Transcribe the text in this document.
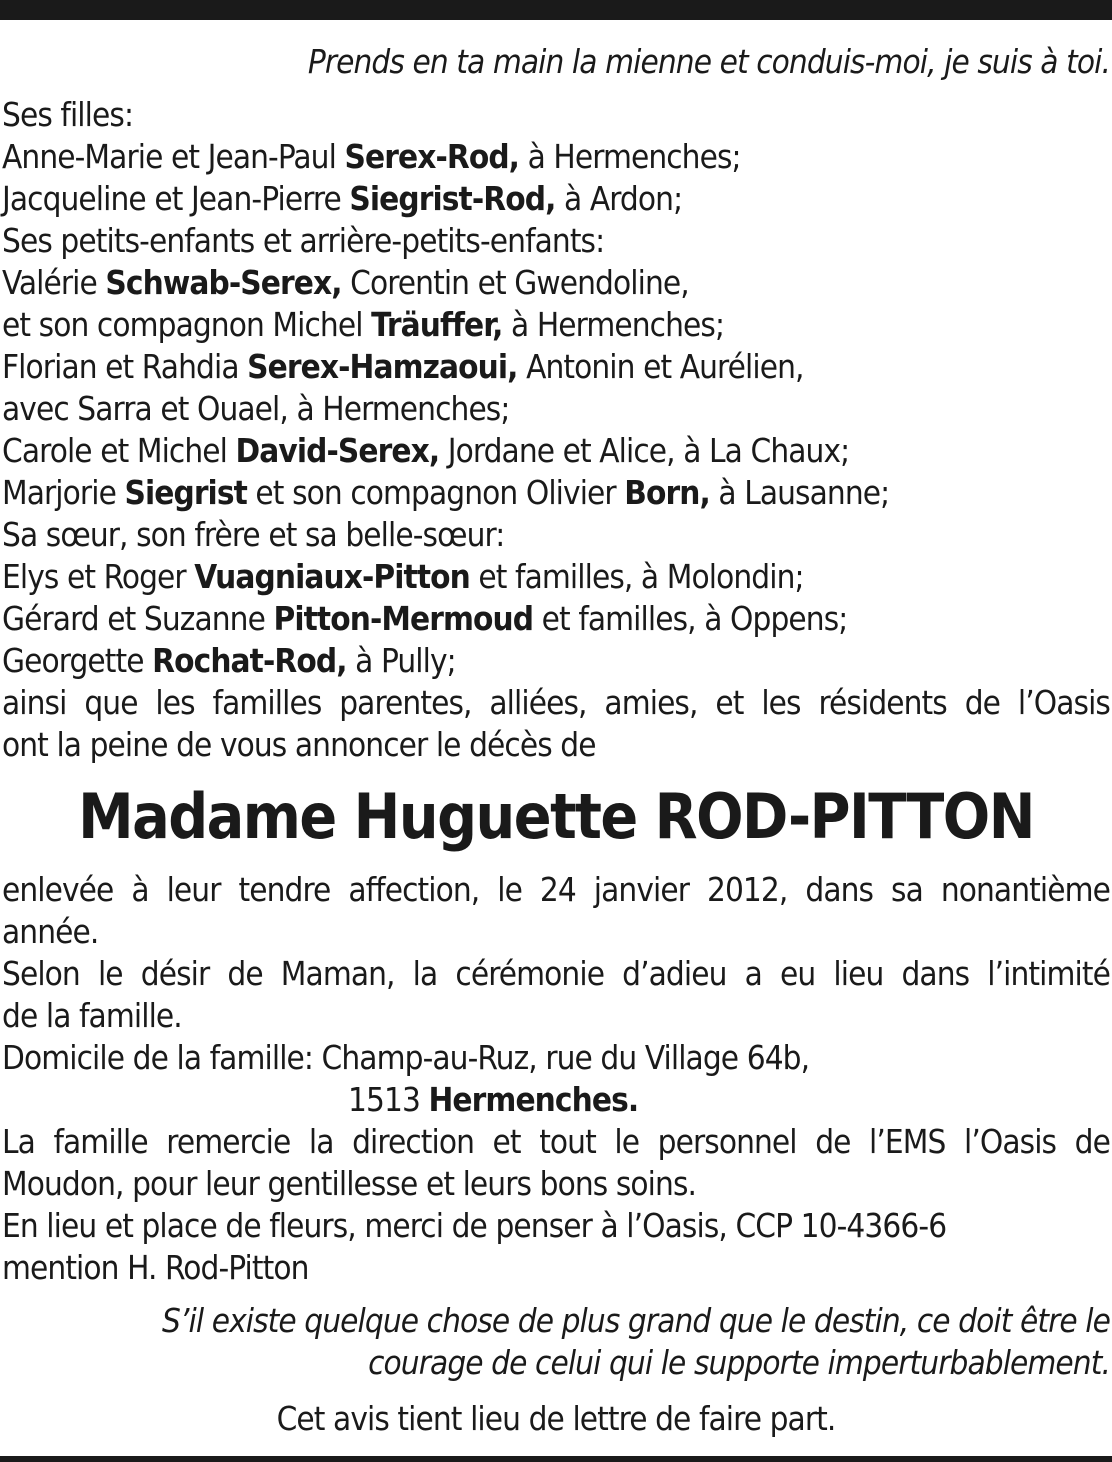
Prends en ta main la mienne et conduis-moi, je suis à toi.
Ses filles:
Anne-Marie et Jean-Paul Serex-Rod, à Hermenches;
Jacqueline et Jean-Pierre Siegrist-Rod, à Ardon;
Ses petits-enfants et arrière-petits-enfants:
Valérie Schwab-Serex, Corentin et Gwendoline,
et son compagnon Michel Träuffer, à Hermenches;
Florian et Rahdia Serex-Hamzaoui, Antonin et Aurélien,
avec Sarra et Ouael, à Hermenches;
Carole et Michel David-Serex, Jordane et Alice, à La Chaux;
Marjorie Siegrist et son compagnon Olivier Born, à Lausanne;
Sa sœur, son frère et sa belle-sœur:
Elys et Roger Vuagniaux-Pitton et familles, à Molondin;
Gérard et Suzanne Pitton-Mermoud et familles, à Oppens;
Georgette Rochat-Rod, à Pully;
ainsi que les familles parentes, alliées, amies, et les résidents de l’Oasis
ont la peine de vous annoncer le décès de
Madame Huguette ROD-PITTON
enlevée à leur tendre affection, le 24 janvier 2012, dans sa nonantième
année.
Selon le désir de Maman, la cérémonie d’adieu a eu lieu dans l’intimité
de la famille.
Domicile de la famille: Champ-au-Ruz, rue du Village 64b,
1513 Hermenches.
La famille remercie la direction et tout le personnel de l’EMS l’Oasis de
Moudon, pour leur gentillesse et leurs bons soins.
En lieu et place de fleurs, merci de penser à l’Oasis, CCP 10-4366-6
mention H. Rod-Pitton
S’il existe quelque chose de plus grand que le destin, ce doit être le
courage de celui qui le supporte imperturbablement.
Cet avis tient lieu de lettre de faire part.
